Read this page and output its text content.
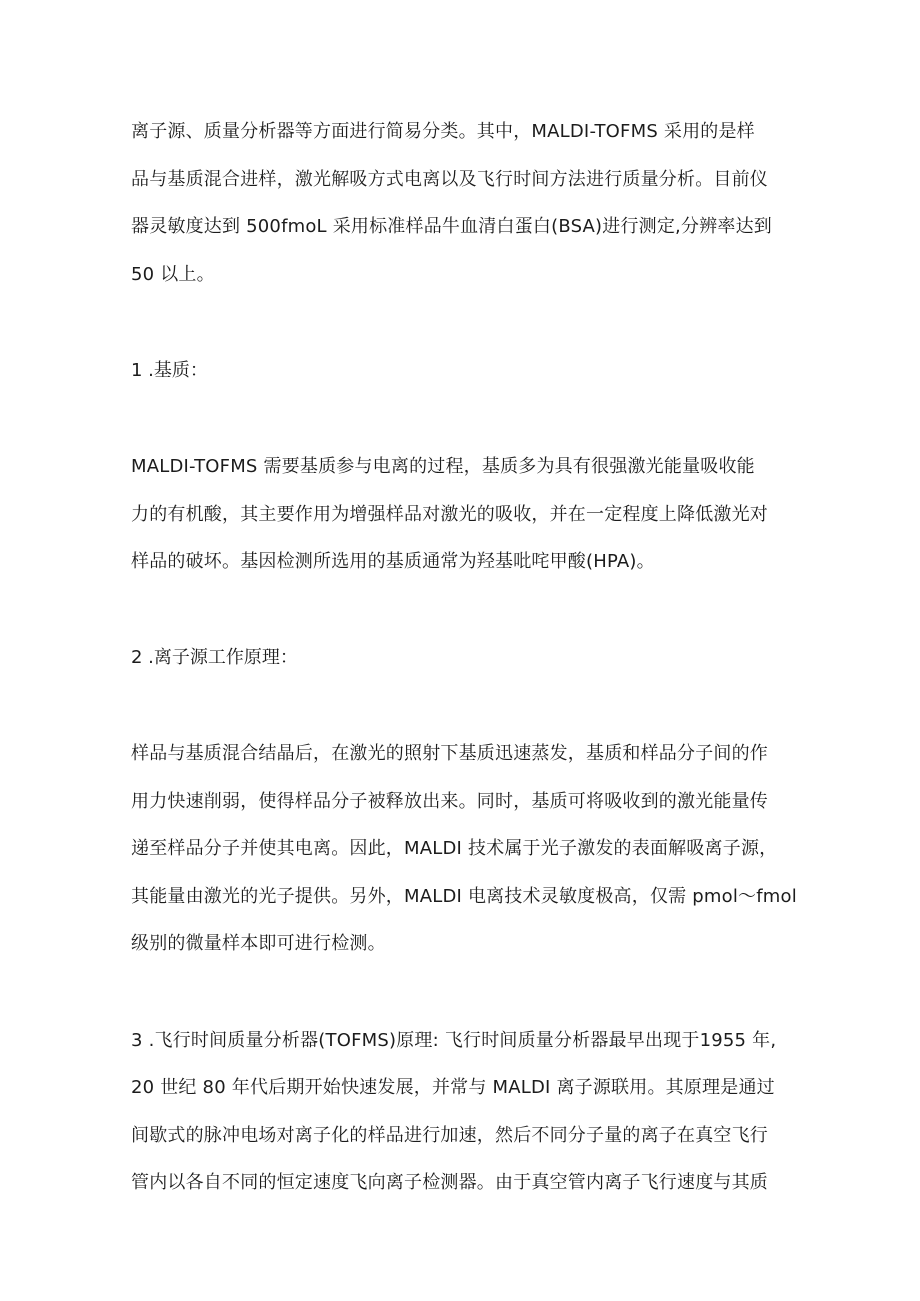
离子源、质量分析器等方面进行简易分类。其中，MALDI-TOFMS 采用的是样
品与基质混合进样，激光解吸方式电离以及飞行时间方法进行质量分析。目前仪
器灵敏度达到 500fmoL 采用标准样品牛血清白蛋白(BSA)进行测定,分辨率达到
50 以上。
1 .基质：
MALDI-TOFMS 需要基质参与电离的过程，基质多为具有很强激光能量吸收能
力的有机酸，其主要作用为增强样品对激光的吸收，并在一定程度上降低激光对
样品的破坏。基因检测所选用的基质通常为羟基吡咤甲酸(HPA)。
2 .离子源工作原理：
样品与基质混合结晶后，在激光的照射下基质迅速蒸发，基质和样品分子间的作
用力快速削弱，使得样品分子被释放出来。同时，基质可将吸收到的激光能量传
递至样品分子并使其电离。因此，MALDI 技术属于光子激发的表面解吸离子源，
其能量由激光的光子提供。另外，MALDI 电离技术灵敏度极高，仅需 pmol〜fmol
级别的微量样本即可进行检测。
3 .飞行时间质量分析器(TOFMS)原理: 飞行时间质量分析器最早出现于1955 年,
20 世纪 80 年代后期开始快速发展，并常与 MALDI 离子源联用。其原理是通过
间歇式的脉冲电场对离子化的样品进行加速，然后不同分子量的离子在真空飞行
管内以各自不同的恒定速度飞向离子检测器。由于真空管内离子飞行速度与其质
